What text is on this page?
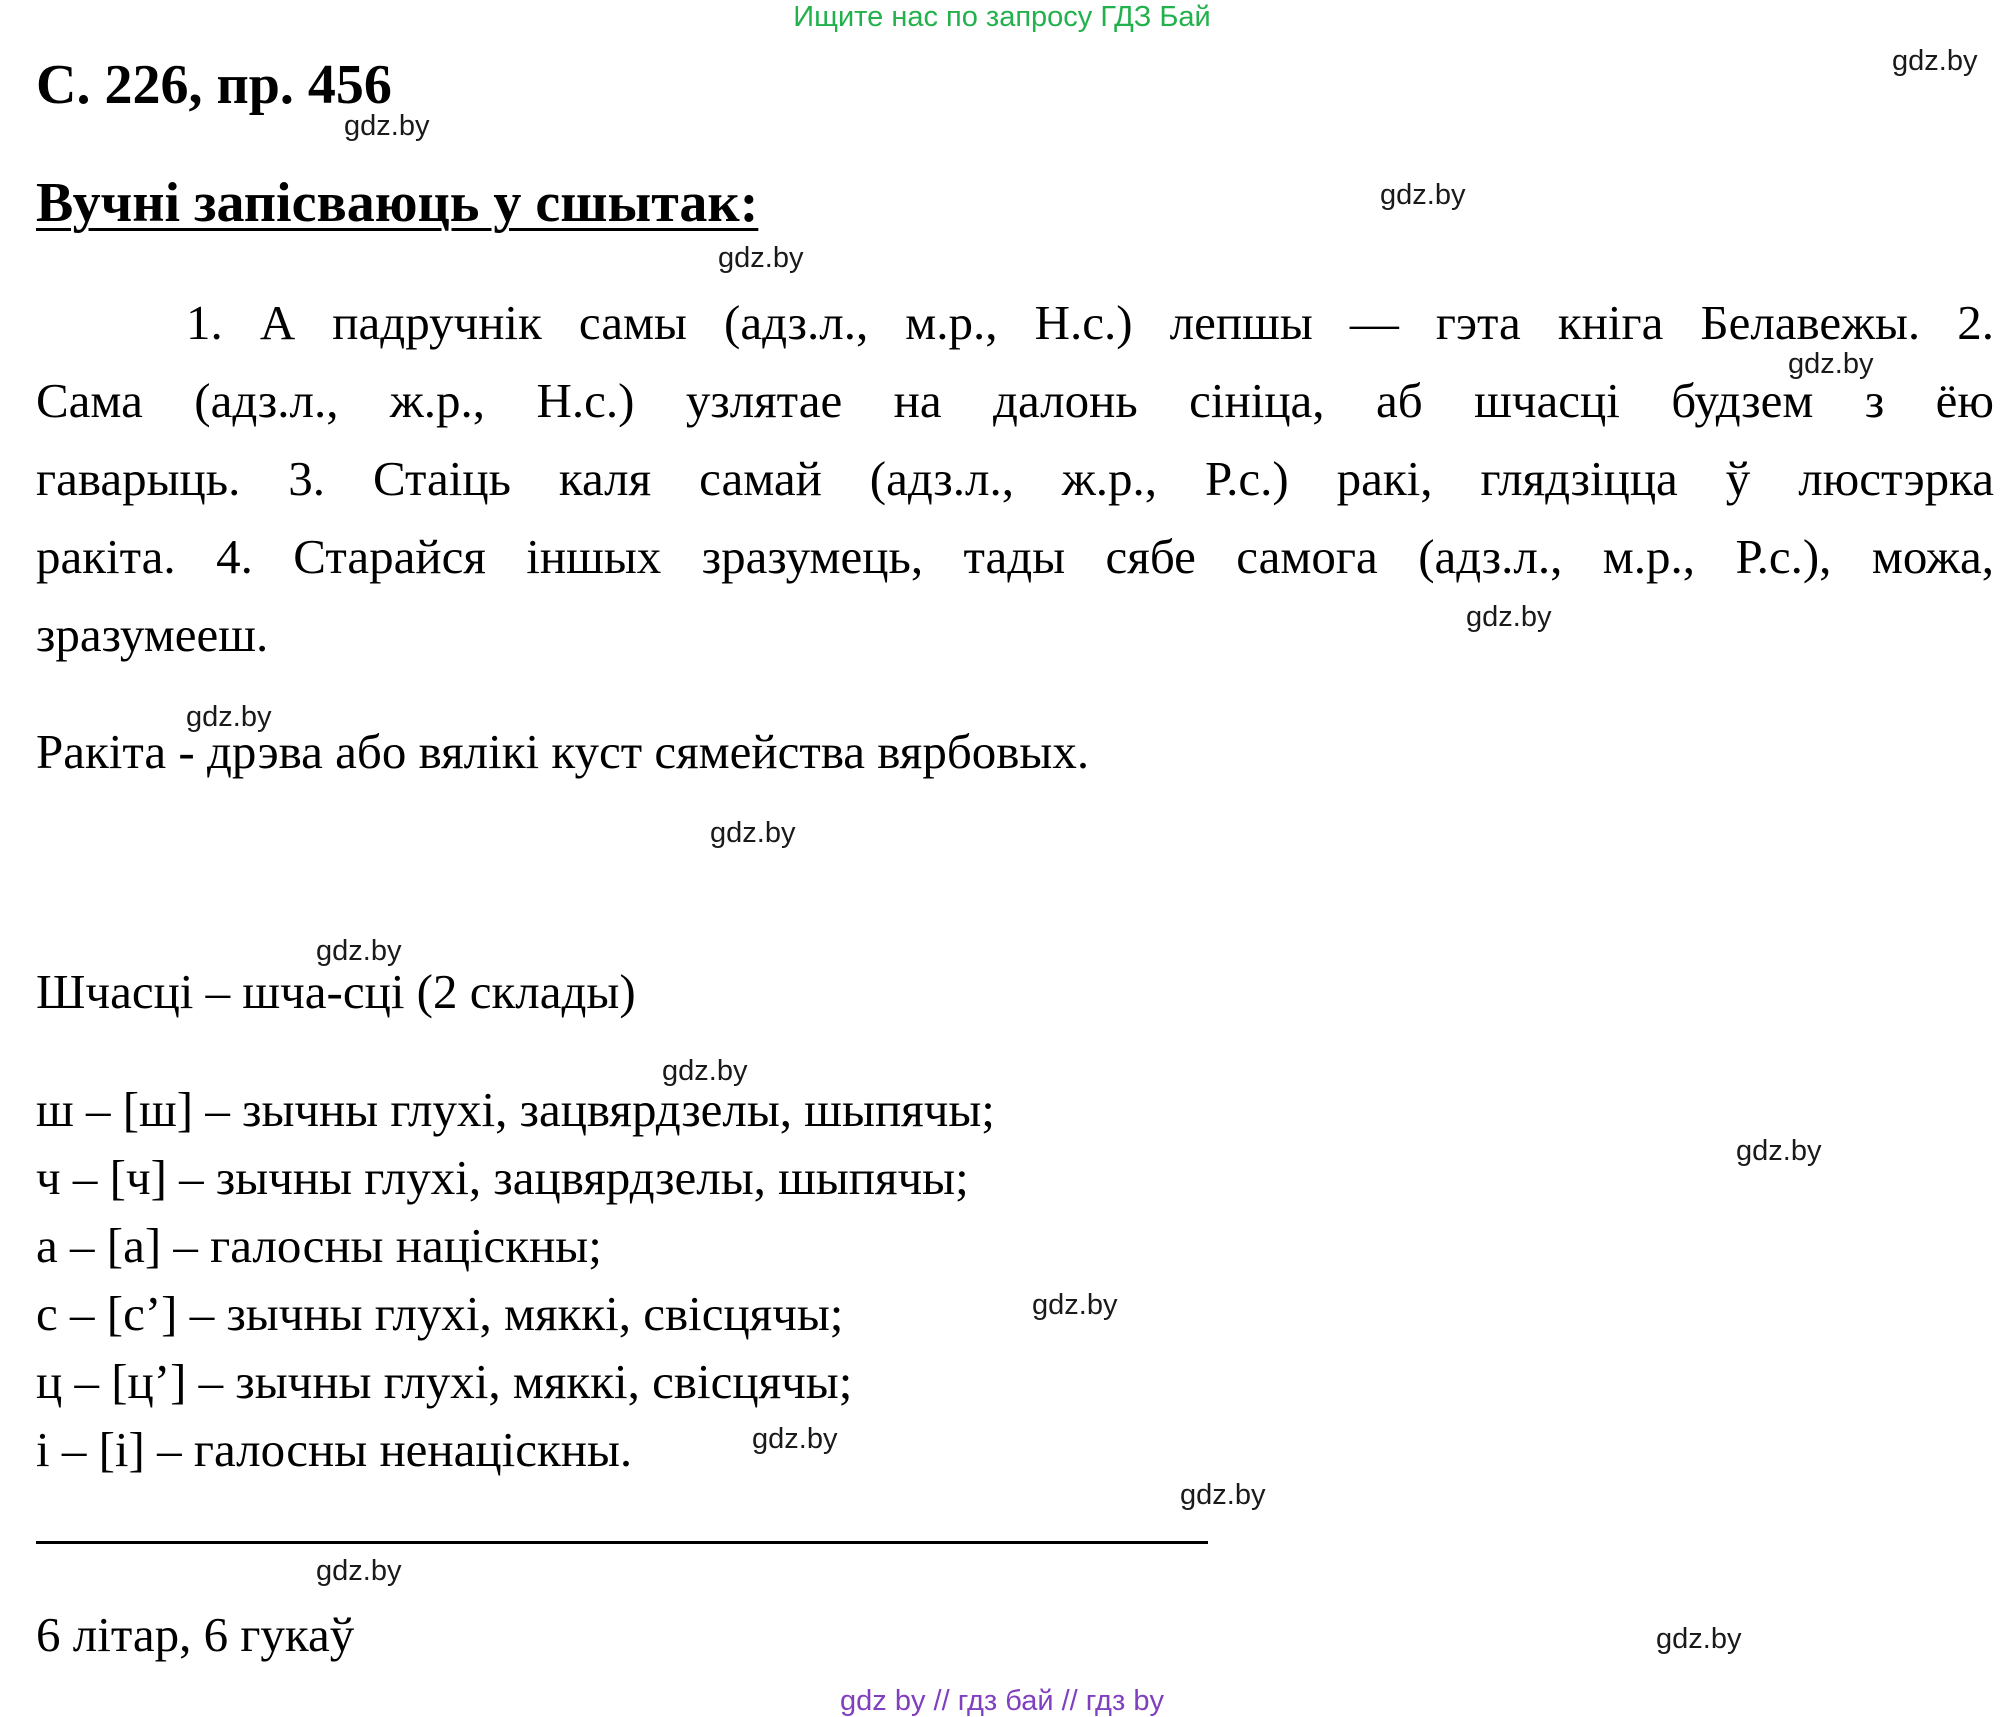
Ищите нас по запросу ГДЗ Бай
С. 226, пр. 456
Вучні запісваюць у сшытак:
1. А падручнік самы (адз.л., м.р., Н.с.) лепшы — гэта кніга Белавежы. 2.
Сама (адз.л., ж.р., Н.с.) узлятае на далонь сініца, аб шчасці будзем з ёю
гаварыць. 3. Стаіць каля самай (адз.л., ж.р., Р.с.) ракі, глядзіцца ў люстэрка
ракіта. 4. Старайся іншых зразумець, тады сябе самога (адз.л., м.р., Р.с.), можа,
зразумееш.
Ракіта - дрэва або вялікі куст сямейства вярбовых.
Шчасці – шча-сці (2 склады)
ш – [ш] – зычны глухі, зацвярдзелы, шыпячы;
ч – [ч] – зычны глухі, зацвярдзелы, шыпячы;
а – [а] – галосны націскны;
с – [с’] – зычны глухі, мяккі, свісцячы;
ц – [ц’] – зычны глухі, мяккі, свісцячы;
і – [і] – галосны ненаціскны.
6 літар, 6 гукаў
gdz.by
gdz.by
gdz.by
gdz.by
gdz.by
gdz.by
gdz.by
gdz.by
gdz.by
gdz.by
gdz.by
gdz.by
gdz.by
gdz.by
gdz.by
gdz.by
gdz by // гдз бай // гдз by
